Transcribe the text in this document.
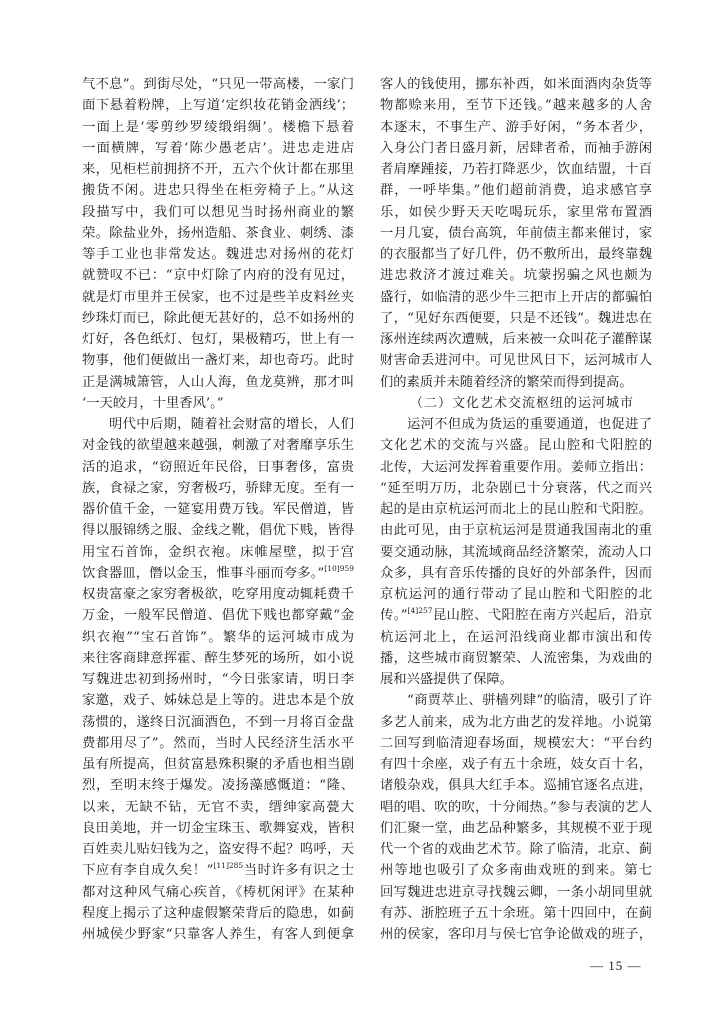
气不息”。到街尽处，“只见一带高楼，一家门
面下悬着粉牌，上写道‘定织妆花销金洒线’；
一面上是‘零剪纱罗绫缎绢绸’。楼檐下悬着
一面横牌，写着‘陈少愚老店’。进忠走进店
来，见柜栏前拥挤不开，五六个伙计都在那里
搬货不闲。进忠只得坐在柜旁椅子上。”从这
段描写中，我们可以想见当时扬州商业的繁
荣。除盐业外，扬州造船、茶食业、刺绣、漆
等手工业也非常发达。魏进忠对扬州的花灯
就赞叹不已：“京中灯除了内府的没有见过，
就是灯市里并王侯家，也不过是些羊皮料丝夹
纱珠灯而已，除此便无甚好的，总不如扬州的
灯好，各色纸灯、包灯，果极精巧，世上有一
物事，他们便做出一盏灯来，却也奇巧。此时
正是满城箫管，人山人海，鱼龙莫辨，那才叫
‘一天皎月，十里香风’。”
明代中后期，随着社会财富的增长，人们
对金钱的欲望越来越强，刺激了对奢靡享乐生
活的追求，“窃照近年民俗，日事奢侈，富贵
族，食禄之家，穷奢极巧，骄肆无度。至有一
器价值千金，一筵宴用费万钱。军民僧道，皆
得以服锦绣之服、金线之靴，倡优下贱，皆得
用宝石首饰，金织衣袍。床帷屋壁，拟于宫
饮食器皿，僭以金玉，惟事斗丽而夸多。”$^{[10]959}$
权贵富豪之家穷奢极欲，吃穿用度动辄耗费千
万金，一般军民僧道、倡优下贱也都穿戴“金
织衣袍”“宝石首饰”。繁华的运河城市成为
来往客商肆意挥霍、醉生梦死的场所，如小说
写魏进忠初到扬州时，“今日张家请，明日李
家邀，戏子、姊妹总是上等的。进忠本是个放
荡惯的，遂终日沉湎酒色，不到一月将百金盘
费都用尽了”。然而，当时人民经济生活水平
虽有所提高，但贫富悬殊积聚的矛盾也相当剧
烈，至明末终于爆发。凌扬藻感慨道：“隆、
以来，无缺不钻，无官不卖，缙绅家高甍大
良田美地，并一切金宝珠玉、歌舞宴戏，皆积
百姓卖儿贴妇钱为之，盗安得不起？呜呼，天
下应有李自成久矣！”$^{[11]285}$当时许多有识之士
都对这种风气痛心疾首，《梼杌闲评》在某种
程度上揭示了这种虚假繁荣背后的隐患，如蓟
州城侯少野家“只靠客人养生，有客人到便拿
客人的钱使用，挪东补西，如米面酒肉杂货等
物都赊来用，至节下还钱。”越来越多的人舍
本逐末，不事生产、游手好闲，“务本者少，
入身公门者日盛月新，居肆者希，而袖手游闲
者肩摩踵接，乃若打降恶少，饮血结盟，十百
群，一呼毕集。”他们超前消费，追求感官享
乐，如侯少野天天吃喝玩乐，家里常布置酒
一月几宴，债台高筑，年前债主都来催讨，家
的衣服都当了好几件，仍不敷所出，最终靠魏
进忠救济才渡过难关。坑蒙拐骗之风也颇为
盛行，如临清的恶少牛三把市上开店的都骗怕
了，“见好东西便要，只是不还钱”。魏进忠在
涿州连续两次遭贼，后来被一众叫花子灌醉谋
财害命丢进河中。可见世风日下，运河城市人
们的素质并未随着经济的繁荣而得到提高。
（二）文化艺术交流枢纽的运河城市
运河不但成为货运的重要通道，也促进了
文化艺术的交流与兴盛。昆山腔和弋阳腔的
北传，大运河发挥着重要作用。姜师立指出：
“延至明万历，北杂剧已十分衰落，代之而兴
起的是由京杭运河而北上的昆山腔和弋阳腔。
由此可见，由于京杭运河是贯通我国南北的重
要交通动脉，其流域商品经济繁荣，流动人口
众多，具有音乐传播的良好的外部条件，因而
京杭运河的通行带动了昆山腔和弋阳腔的北
传。”$^{[4]257}$昆山腔、弋阳腔在南方兴起后，沿京
杭运河北上，在运河沿线商业都市演出和传
播，这些城市商贸繁荣、人流密集，为戏曲的
展和兴盛提供了保障。
“商贾萃止、骈樯列肆”的临清，吸引了许
多艺人前来，成为北方曲艺的发祥地。小说第
二回写到临清迎春场面，规模宏大：“平台约
有四十余座，戏子有五十余班，妓女百十名，
诸般杂戏，俱具大红手本。巡捕官逐名点进，
唱的唱、吹的吹，十分闹热。”参与表演的艺人
们汇聚一堂，曲艺品种繁多，其规模不亚于现
代一个省的戏曲艺术节。除了临清，北京、蓟
州等地也吸引了众多南曲戏班的到来。第七
回写魏进忠进京寻找魏云卿，一条小胡同里就
有苏、浙腔班子五十余班。第十四回中，在蓟
州的侯家，客印月与侯七官争论做戏的班子，
— 15 —
